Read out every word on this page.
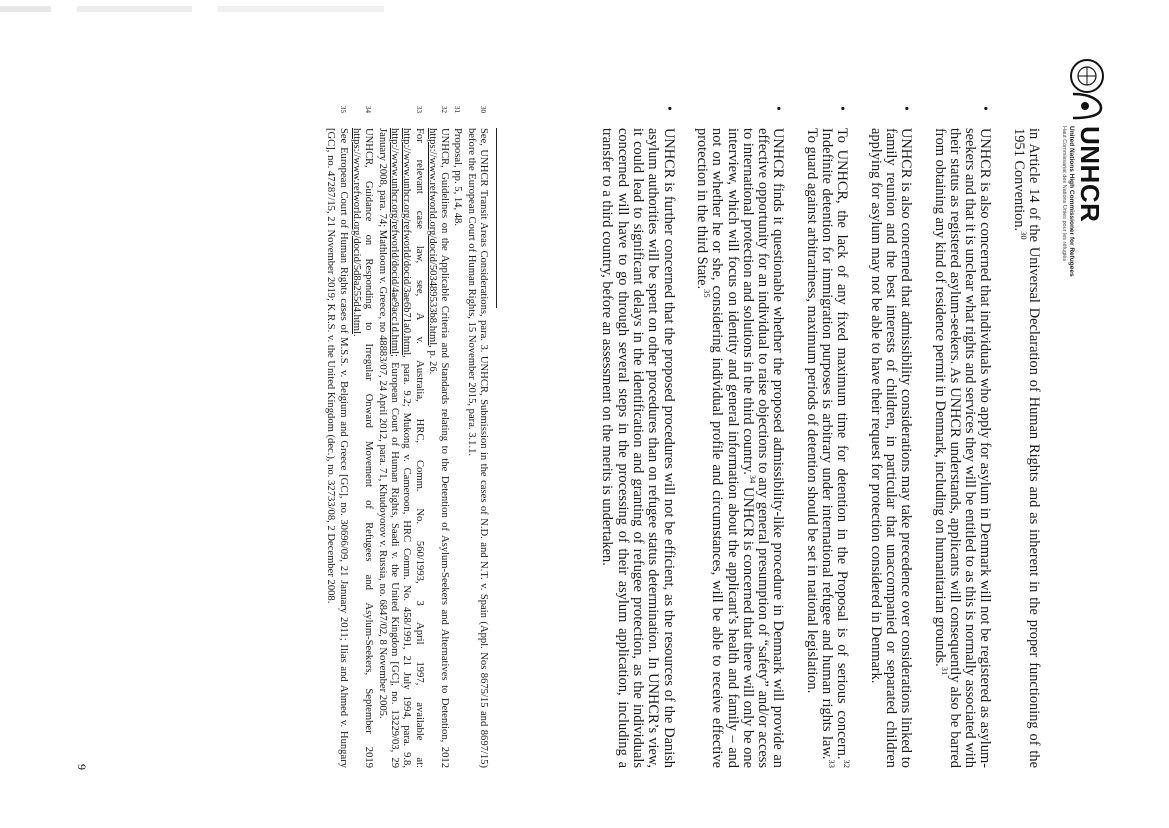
UNHCR
United Nations High Commissioner for Refugees
Haut Commissariat des Nations Unies pour les réfugiés

in Article 14 of the Universal Declaration of Human Rights and as inherent in the proper functioning of the 1951 Convention.$^{30}$

•
UNHCR is also concerned that individuals who apply for asylum in Denmark will not be registered as asylum-seekers and that it is unclear what rights and services they will be entitled to as this is normally associated with their status as registered asylum-seekers. As UNHCR understands, applicants will consequently also be barred from obtaining any kind of residence permit in Denmark, including on humanitarian grounds.$^{31}$
•
UNHCR is also concerned that admissibility considerations may take precedence over considerations linked to family reunion and the best interests of children, in particular that unaccompanied or separated children applying for asylum may not be able to have their request for protection considered in Denmark.
•
To UNHCR, the lack of any fixed maximum time for detention in the Proposal is of serious concern.$^{32}$ Indefinite detention for immigration purposes is arbitrary under international refugee and human rights law.$^{33}$ To guard against arbitrariness, maximum periods of detention should be set in national legislation.
•
UNHCR finds it questionable whether the proposed admissibility-like procedure in Denmark will provide an effective opportunity for an individual to raise objections to any general presumption of “safety” and/or access to international protection and solutions in the third country.$^{34}$ UNHCR is concerned that there will only be one interview, which will focus on identity and general information about the applicant’s health and family – and not on whether he or she, considering individual profile and circumstances, will be able to receive effective protection in the third State.$^{35}$
•
UNHCR is further concerned that the proposed procedures will not be efficient, as the resources of the Danish asylum authorities will be spent on other procedures than on refugee status determination. In UNHCR’s view, it could lead to significant delays in the identification and granting of refugee protection, as the individuals concerned will have to go through several steps in the processing of their asylum application, including a transfer to a third country, before an assessment on the merits is undertaken.
30
See, UNHCR Transit Areas Considerations, para. 3. UNHCR, Submission in the cases of N.D. and N.T. v. Spain (Appl. Nos 8675/15 and 8697/15) before the European Court of Human Rights, 15 November 2015, para. 3.1.1.
31
Proposal, pp. 5, 14, 48.
32
UNHCR, Guidelines on the Applicable Criteria and Standards relating to the Detention of Asylum-Seekers and Alternatives to Detention, 2012 https://www.refworld.org/docid/503489533b8.html, p. 26.
33
For relevant case law, see, A v. Australia, HRC, Comm. No. 560/1993, 3 April 1997, available at: http://www.unhcr.org/refworld/docid/3ae6b71a0.html, para. 9.2; Mukong v. Cameroon, HRC Comm. No. 458/1991, 21 July 1994, para. 9.8, http://www.unhcr.org/refworld/docid/4ae9acc1d.html; European Court of Human Rights, Saadi v. the United Kingdom [GC], no. 13229/03, 29 January 2008, para. 74; Mathloom v. Greece, no 48883/07, 24 April 2012, para. 71, Khudoyorov v. Russia, no. 6847/02, 8 November 2005.
34
UNHCR, Guidance on Responding to Irregular Onward Movement of Refugees and Asylum-Seekers, September 2019 https://www.refworld.org/docid/5d8a255d4.html.
35
See European Court of Human Rights cases of M.S.S. v. Belgium and Greece [GC], no. 30696/09, 21 January 2011; Ilias and Ahmed v. Hungary [GC], no. 47287/15, 21 November 2019; K.R.S. v. the United Kingdom (dec.), no. 32733/08, 2 December 2008.
9
